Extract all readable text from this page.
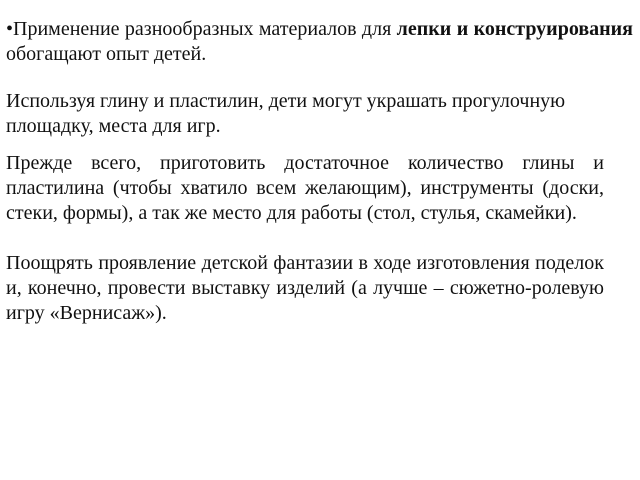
•Применение разнообразных материалов для лепки и конструирования обогащают опыт детей.

Используя глину и пластилин, дети могут украшать прогулочную площадку, места для игр.

Прежде всего, приготовить достаточное количество глины и пластилина (чтобы хватило всем желающим), инструменты (доски, стеки, формы), а так же место для работы (стол, стулья, скамейки).

Поощрять проявление детской фантазии в ходе изготовления поделок и, конечно, провести выставку изделий (а лучше – сюжетно-ролевую игру «Вернисаж»).
